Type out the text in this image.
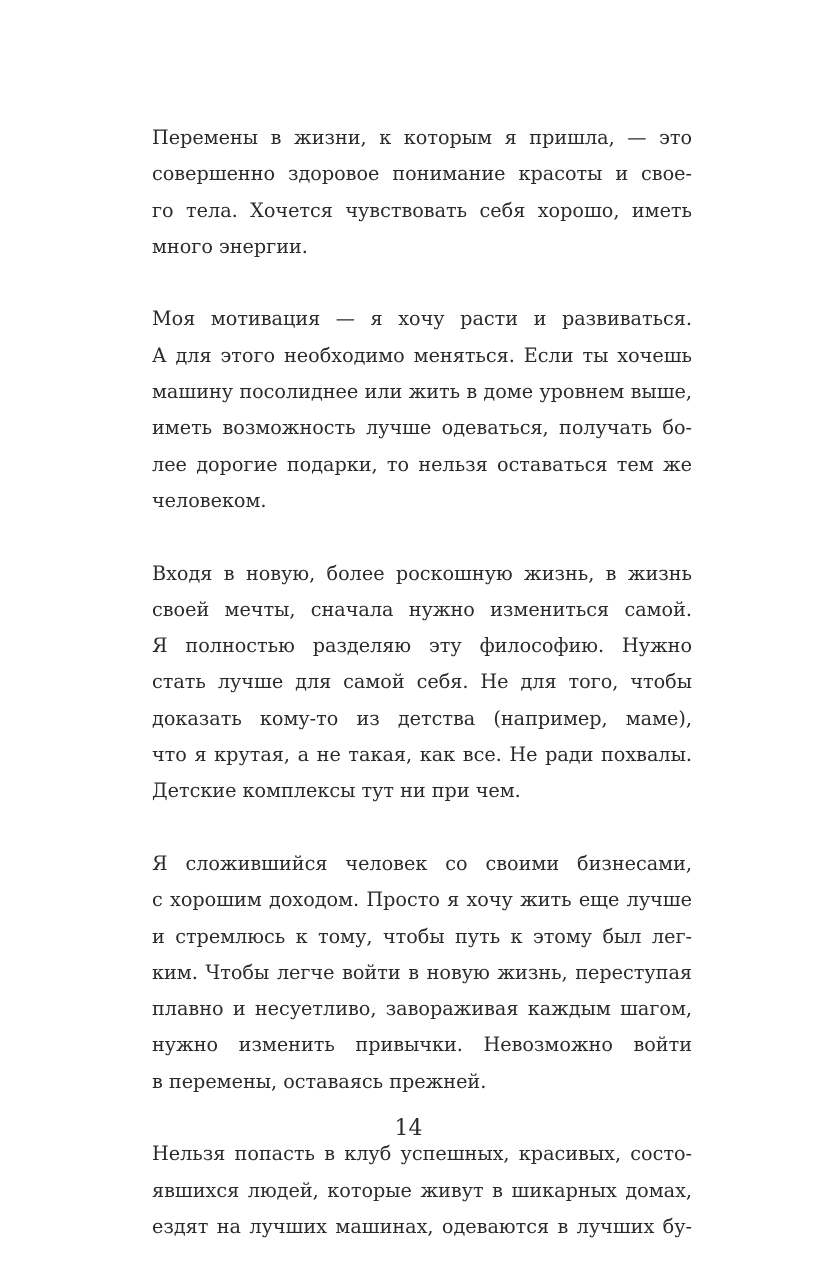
Перемены в жизни, к которым я пришла, — это
совершенно здоровое понимание красоты и свое-
го тела. Хочется чувствовать себя хорошо, иметь
много энергии.

Моя мотивация — я хочу расти и развиваться.
А для этого необходимо меняться. Если ты хочешь
машину посолиднее или жить в доме уровнем выше,
иметь возможность лучше одеваться, получать бо-
лее дорогие подарки, то нельзя оставаться тем же
человеком.

Входя в новую, более роскошную жизнь, в жизнь
своей мечты, сначала нужно измениться самой.
Я полностью разделяю эту философию. Нужно
стать лучше для самой себя. Не для того, чтобы
доказать кому-то из детства (например, маме),
что я крутая, а не такая, как все. Не ради похвалы.
Детские комплексы тут ни при чем.

Я сложившийся человек со своими бизнесами,
с хорошим доходом. Просто я хочу жить еще лучше
и стремлюсь к тому, чтобы путь к этому был лег-
ким. Чтобы легче войти в новую жизнь, переступая
плавно и несуетливо, завораживая каждым шагом,
нужно изменить привычки. Невозможно войти
в перемены, оставаясь прежней.

Нельзя попасть в клуб успешных, красивых, состо-
явшихся людей, которые живут в шикарных домах,
ездят на лучших машинах, одеваются в лучших бу-

14
